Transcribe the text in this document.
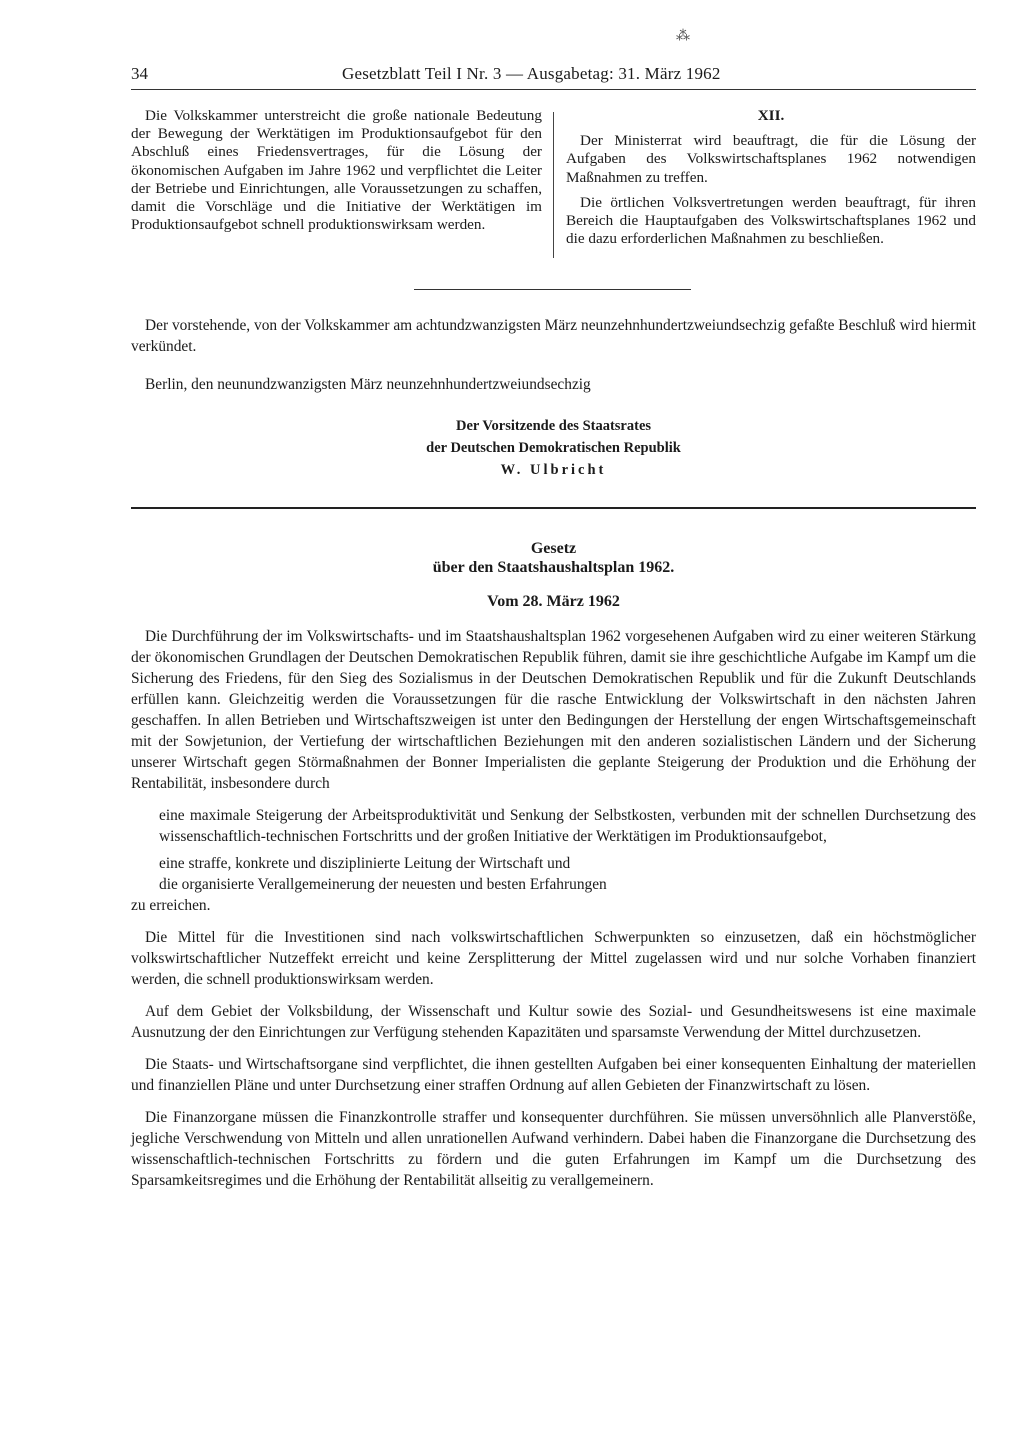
⁂
34	Gesetzblatt Teil I Nr. 3 — Ausgabetag: 31. März 1962

Die Volkskammer unterstreicht die große nationale Bedeutung der Bewegung der Werktätigen im Produktionsaufgebot für den Abschluß eines Friedensvertrages, für die Lösung der ökonomischen Aufgaben im Jahre 1962 und verpflichtet die Leiter der Betriebe und Einrichtungen, alle Voraussetzungen zu schaffen, damit die Vorschläge und die Initiative der Werktätigen im Produktionsaufgebot schnell produktionswirksam werden.

XII.

Der Ministerrat wird beauftragt, die für die Lösung der Aufgaben des Volkswirtschaftsplanes 1962 notwendigen Maßnahmen zu treffen.

Die örtlichen Volksvertretungen werden beauftragt, für ihren Bereich die Hauptaufgaben des Volkswirtschaftsplanes 1962 und die dazu erforderlichen Maßnahmen zu beschließen.

Der vorstehende, von der Volkskammer am achtundzwanzigsten März neunzehnhundertzweiundsechzig gefaßte Beschluß wird hiermit verkündet.

Berlin, den neunundzwanzigsten März neunzehnhundertzweiundsechzig

Der Vorsitzende des Staatsrates
der Deutschen Demokratischen Republik
W. Ulbricht
Gesetz
über den Staatshaushaltsplan 1962.
Vom 28. März 1962

Die Durchführung der im Volkswirtschafts- und im Staatshaushaltsplan 1962 vorgesehenen Aufgaben wird zu einer weiteren Stärkung der ökonomischen Grundlagen der Deutschen Demokratischen Republik führen, damit sie ihre geschichtliche Aufgabe im Kampf um die Sicherung des Friedens, für den Sieg des Sozialismus in der Deutschen Demokratischen Republik und für die Zukunft Deutschlands erfüllen kann. Gleichzeitig werden die Voraussetzungen für die rasche Entwicklung der Volkswirtschaft in den nächsten Jahren geschaffen. In allen Betrieben und Wirtschaftszweigen ist unter den Bedingungen der Herstellung der engen Wirtschaftsgemeinschaft mit der Sowjetunion, der Vertiefung der wirtschaftlichen Beziehungen mit den anderen sozialistischen Ländern und der Sicherung unserer Wirtschaft gegen Störmaßnahmen der Bonner Imperialisten die geplante Steigerung der Produktion und die Erhöhung der Rentabilität, insbesondere durch

eine maximale Steigerung der Arbeitsproduktivität und Senkung der Selbstkosten, verbunden mit der schnellen Durchsetzung des wissenschaftlich-technischen Fortschritts und der großen Initiative der Werktätigen im Produktionsaufgebot,

eine straffe, konkrete und disziplinierte Leitung der Wirtschaft und

die organisierte Verallgemeinerung der neuesten und besten Erfahrungen

zu erreichen.

Die Mittel für die Investitionen sind nach volkswirtschaftlichen Schwerpunkten so einzusetzen, daß ein höchstmöglicher volkswirtschaftlicher Nutzeffekt erreicht und keine Zersplitterung der Mittel zugelassen wird und nur solche Vorhaben finanziert werden, die schnell produktionswirksam werden.

Auf dem Gebiet der Volksbildung, der Wissenschaft und Kultur sowie des Sozial- und Gesundheitswesens ist eine maximale Ausnutzung der den Einrichtungen zur Verfügung stehenden Kapazitäten und sparsamste Verwendung der Mittel durchzusetzen.

Die Staats- und Wirtschaftsorgane sind verpflichtet, die ihnen gestellten Aufgaben bei einer konsequenten Einhaltung der materiellen und finanziellen Pläne und unter Durchsetzung einer straffen Ordnung auf allen Gebieten der Finanzwirtschaft zu lösen.

Die Finanzorgane müssen die Finanzkontrolle straffer und konsequenter durchführen. Sie müssen unversöhnlich alle Planverstöße, jegliche Verschwendung von Mitteln und allen unrationellen Aufwand verhindern. Dabei haben die Finanzorgane die Durchsetzung des wissenschaftlich-technischen Fortschritts zu fördern und die guten Erfahrungen im Kampf um die Durchsetzung des Sparsamkeitsregimes und die Erhöhung der Rentabilität allseitig zu verallgemeinern.
